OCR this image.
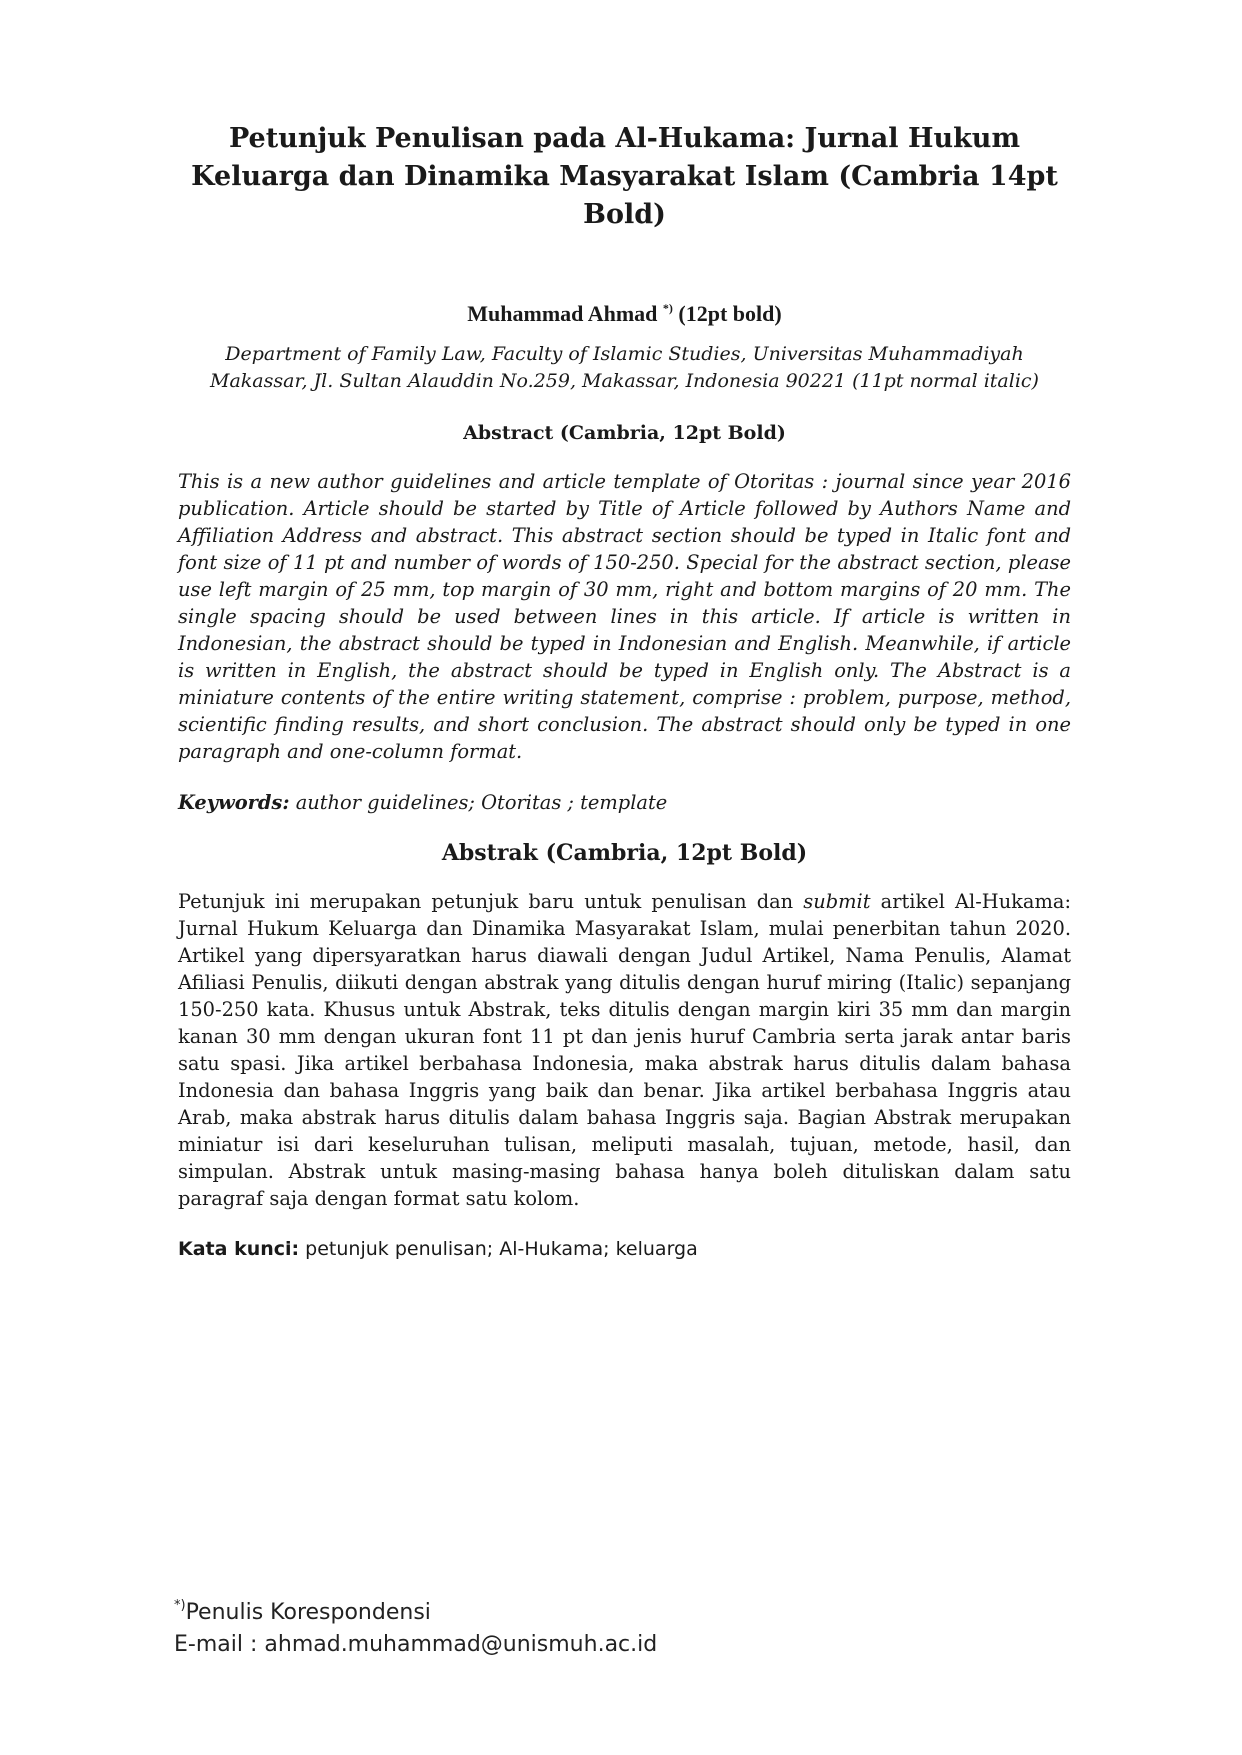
Petunjuk Penulisan pada Al-Hukama: Jurnal Hukum Keluarga dan Dinamika Masyarakat Islam (Cambria 14pt Bold)
Muhammad Ahmad *) (12pt bold)
Department of Family Law, Faculty of Islamic Studies, Universitas Muhammadiyah Makassar, Jl. Sultan Alauddin No.259, Makassar, Indonesia 90221 (11pt normal italic)
Abstract (Cambria, 12pt Bold)
This is a new author guidelines and article template of Otoritas : journal since year 2016 publication. Article should be started by Title of Article followed by Authors Name and Affiliation Address and abstract. This abstract section should be typed in Italic font and font size of 11 pt and number of words of 150-250. Special for the abstract section, please use left margin of 25 mm, top margin of 30 mm, right and bottom margins of 20 mm. The single spacing should be used between lines in this article. If article is written in Indonesian, the abstract should be typed in Indonesian and English. Meanwhile, if article is written in English, the abstract should be typed in English only. The Abstract is a miniature contents of the entire writing statement, comprise : problem, purpose, method, scientific finding results, and short conclusion. The abstract should only be typed in one paragraph and one-column format.
Keywords: author guidelines; Otoritas ; template
Abstrak (Cambria, 12pt Bold)
Petunjuk ini merupakan petunjuk baru untuk penulisan dan submit artikel Al-Hukama: Jurnal Hukum Keluarga dan Dinamika Masyarakat Islam, mulai penerbitan tahun 2020. Artikel yang dipersyaratkan harus diawali dengan Judul Artikel, Nama Penulis, Alamat Afiliasi Penulis, diikuti dengan abstrak yang ditulis dengan huruf miring (Italic) sepanjang 150-250 kata. Khusus untuk Abstrak, teks ditulis dengan margin kiri 35 mm dan margin kanan 30 mm dengan ukuran font 11 pt dan jenis huruf Cambria serta jarak antar baris satu spasi. Jika artikel berbahasa Indonesia, maka abstrak harus ditulis dalam bahasa Indonesia dan bahasa Inggris yang baik dan benar. Jika artikel berbahasa Inggris atau Arab, maka abstrak harus ditulis dalam bahasa Inggris saja. Bagian Abstrak merupakan miniatur isi dari keseluruhan tulisan, meliputi masalah, tujuan, metode, hasil, dan simpulan. Abstrak untuk masing-masing bahasa hanya boleh dituliskan dalam satu paragraf saja dengan format satu kolom.
Kata kunci: petunjuk penulisan; Al-Hukama; keluarga
*)Penulis Korespondensi
E-mail : ahmad.muhammad@unismuh.ac.id
